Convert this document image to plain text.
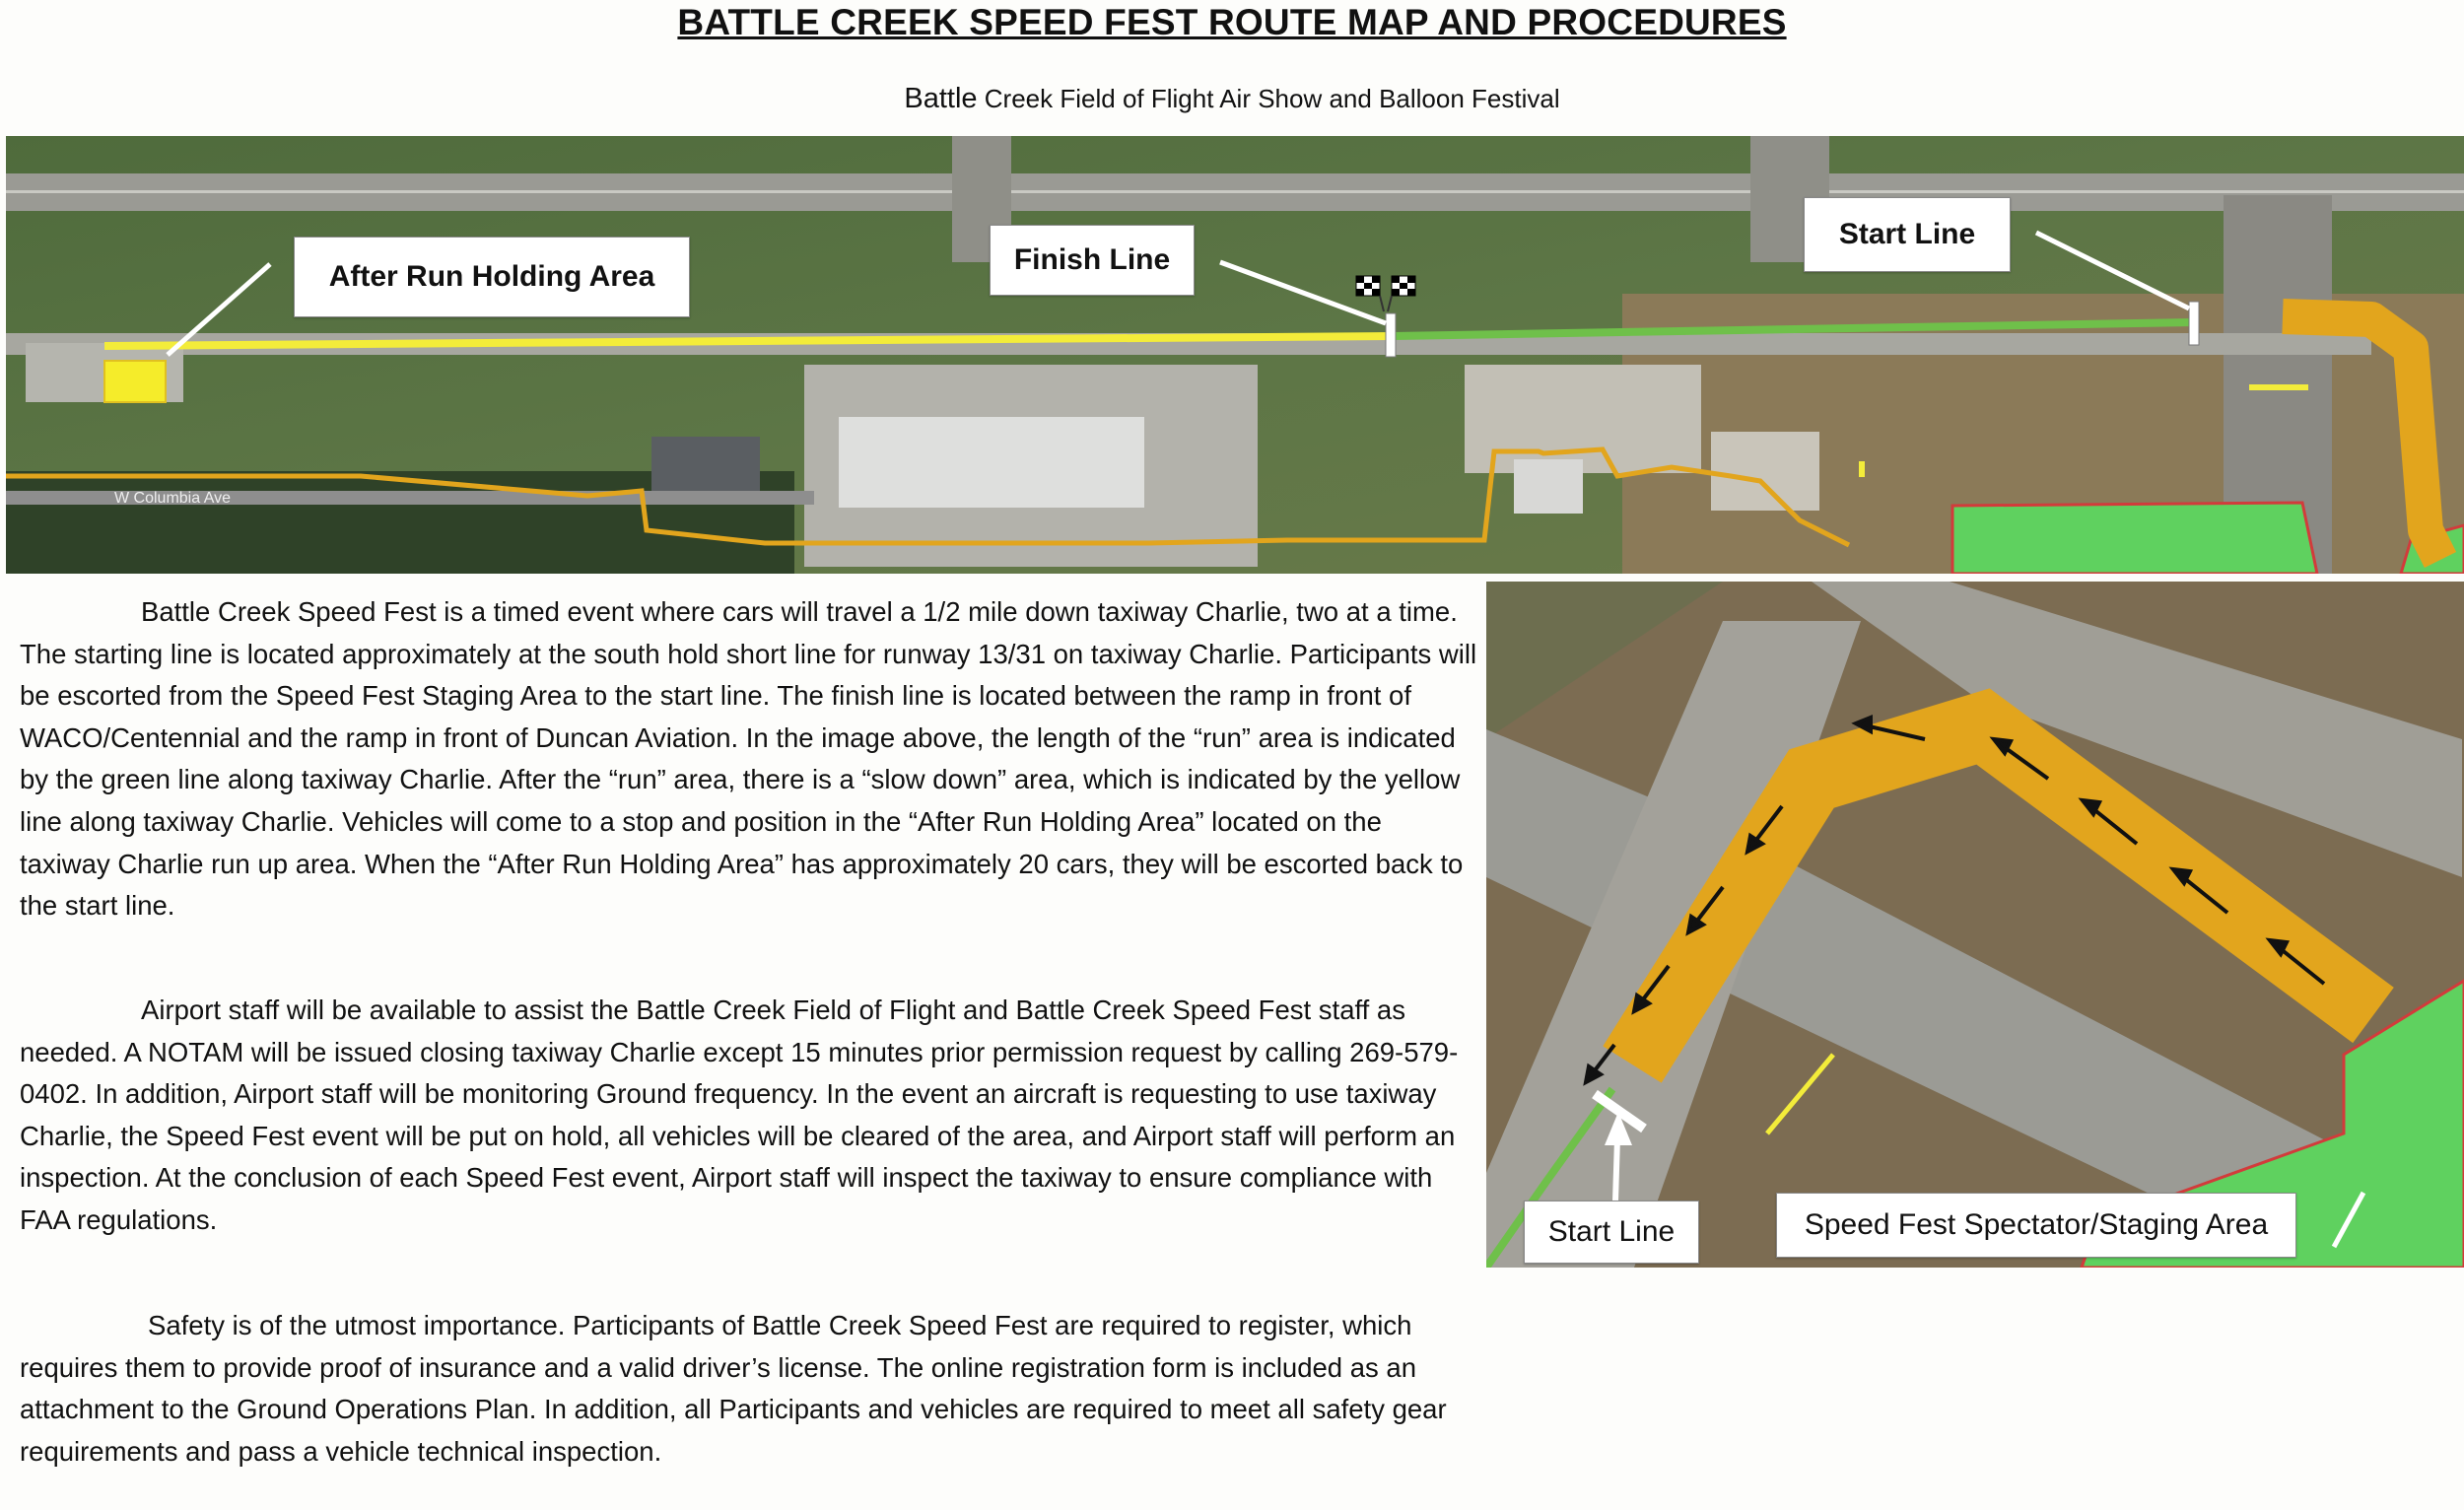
BATTLE CREEK SPEED FEST ROUTE MAP AND PROCEDURES
Battle Creek Field of Flight Air Show and Balloon Festival
W Columbia Ave
After Run Holding Area
Finish Line
Start Line
Start Line	Speed Fest Spectator/Staging Area

Battle Creek Speed Fest is a timed event where cars will travel a 1/2 mile down taxiway Charlie, two at a time. The starting line is located approximately at the south hold short line for runway 13/31 on taxiway Charlie. Participants will be escorted from the Speed Fest Staging Area to the start line. The finish line is located between the ramp in front of WACO/Centennial and the ramp in front of Duncan Aviation. In the image above, the length of the “run” area is indicated by the green line along taxiway Charlie. After the “run” area, there is a “slow down” area, which is indicated by the yellow line along taxiway Charlie. Vehicles will come to a stop and position in the “After Run Holding Area” located on the taxiway Charlie run up area. When the “After Run Holding Area” has approximately 20 cars, they will be escorted back to the start line.

Airport staff will be available to assist the Battle Creek Field of Flight and Battle Creek Speed Fest staff as needed. A NOTAM will be issued closing taxiway Charlie except 15 minutes prior permission request by calling 269-579-0402. In addition, Airport staff will be monitoring Ground frequency. In the event an aircraft is requesting to use taxiway Charlie, the Speed Fest event will be put on hold, all vehicles will be cleared of the area, and Airport staff will perform an inspection. At the conclusion of each Speed Fest event, Airport staff will inspect the taxiway to ensure compliance with FAA regulations.

Safety is of the utmost importance. Participants of Battle Creek Speed Fest are required to register, which requires them to provide proof of insurance and a valid driver’s license. The online registration form is included as an attachment to the Ground Operations Plan. In addition, all Participants and vehicles are required to meet all safety gear requirements and pass a vehicle technical inspection.
